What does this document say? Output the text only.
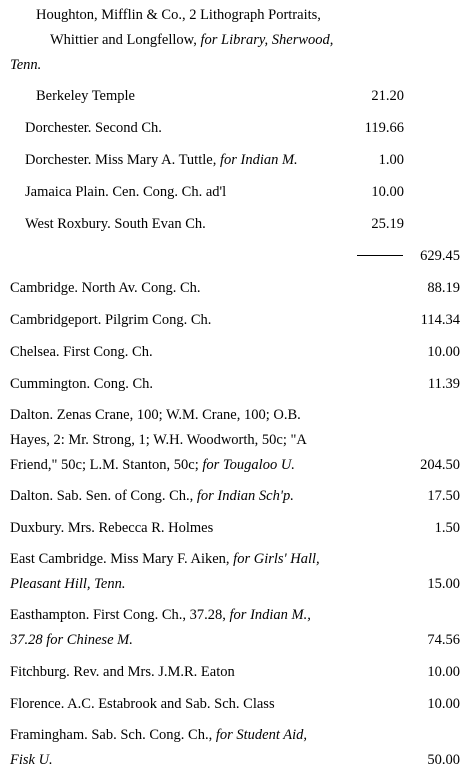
Houghton, Mifflin & Co., 2 Lithograph Portraits,
Whittier and Longfellow, for Library, Sherwood,
Tenn.
Berkeley Temple	21.20
Dorchester. Second Ch.	119.66
Dorchester. Miss Mary A. Tuttle, for Indian M.	1.00
Jamaica Plain. Cen. Cong. Ch. ad'l	10.00
West Roxbury. South Evan Ch.	25.19
629.45
Cambridge. North Av. Cong. Ch.	88.19
Cambridgeport. Pilgrim Cong. Ch.	114.34
Chelsea. First Cong. Ch.	10.00
Cummington. Cong. Ch.	11.39
Dalton. Zenas Crane, 100; W.M. Crane, 100; O.B.
Hayes, 2: Mr. Strong, 1; W.H. Woodworth, 50c; "A
Friend," 50c; L.M. Stanton, 50c; for Tougaloo U.	204.50
Dalton. Sab. Sen. of Cong. Ch., for Indian Sch'p.	17.50
Duxbury. Mrs. Rebecca R. Holmes	1.50
East Cambridge. Miss Mary F. Aiken, for Girls' Hall,
Pleasant Hill, Tenn.	15.00
Easthampton. First Cong. Ch., 37.28, for Indian M.,
37.28 for Chinese M.	74.56
Fitchburg. Rev. and Mrs. J.M.R. Eaton	10.00
Florence. A.C. Estabrook and Sab. Sch. Class	10.00
Framingham. Sab. Sch. Cong. Ch., for Student Aid,
Fisk U.	50.00
